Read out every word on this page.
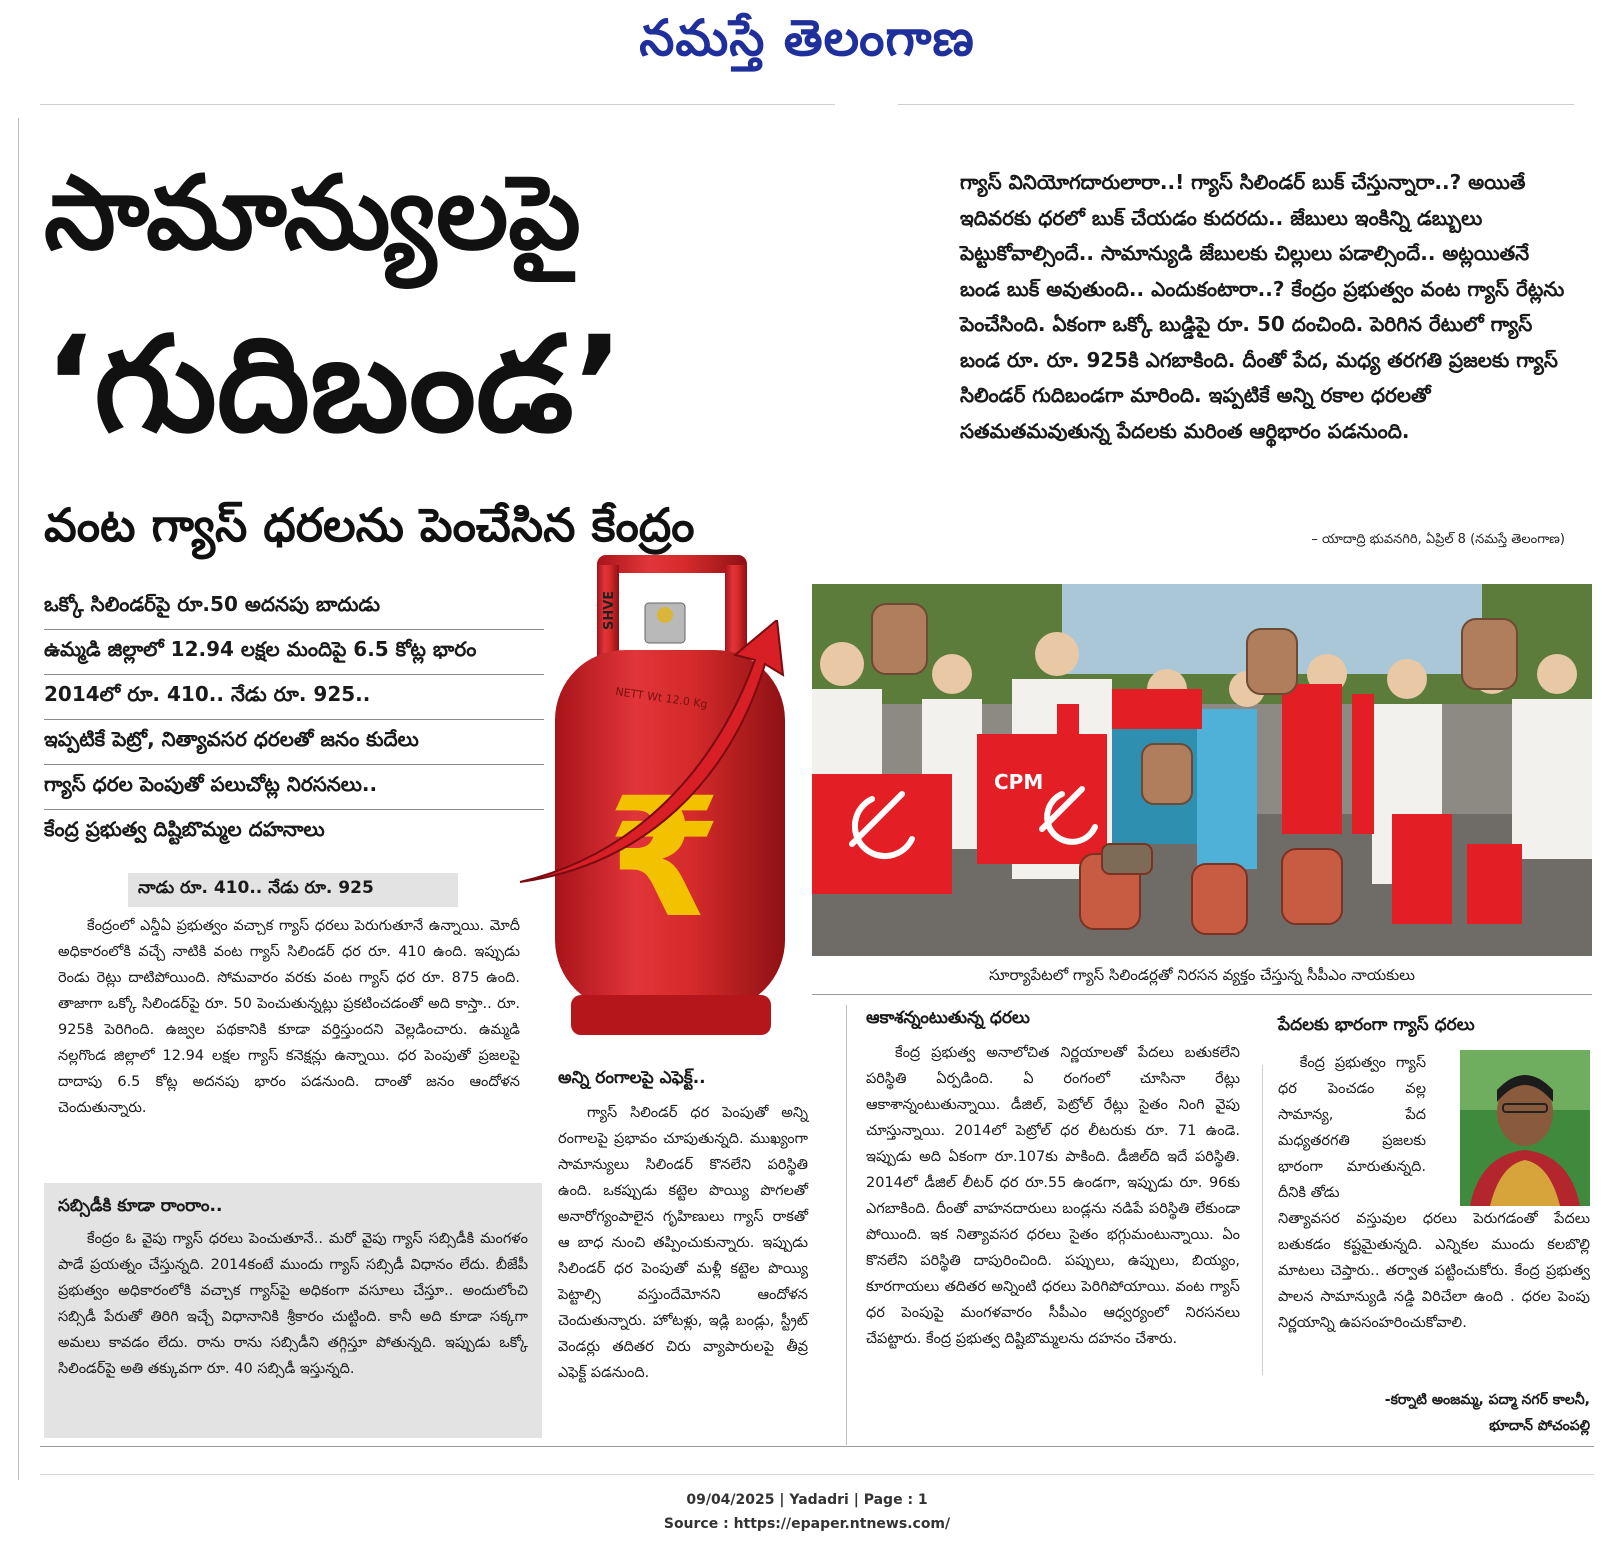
నమస్తే తెలంగాణ
సామాన్యులపై
‘గుదిబండ’
వంట గ్యాస్ ధరలను పెంచేసిన కేంద్రం
ఒక్కో సిలిండర్‌పై రూ.50 అదనపు బాదుడు
ఉమ్మడి జిల్లాలో 12.94 లక్షల మందిపై 6.5 కోట్ల భారం
2014లో రూ. 410.. నేడు రూ. 925..
ఇప్పటికే పెట్రో, నిత్యావసర ధరలతో జనం కుదేలు
గ్యాస్ ధరల పెంపుతో పలుచోట్ల నిరసనలు..
కేంద్ర ప్రభుత్వ దిష్టిబొమ్మల దహనాలు
గ్యాస్ వినియోగదారులారా..! గ్యాస్ సిలిండర్ బుక్ చేస్తున్నారా..? అయితే ఇదివరకు ధరలో బుక్ చేయడం కుదరదు.. జేబులు ఇంకిన్ని డబ్బులు పెట్టుకోవాల్సిందే.. సామాన్యుడి జేబులకు చిల్లులు పడాల్సిందే.. అట్లయితనే బండ బుక్ అవుతుంది.. ఎందుకంటారా..? కేంద్రం ప్రభుత్వం వంట గ్యాస్ రేట్లను పెంచేసింది. ఏకంగా ఒక్కో బుడ్డిపై రూ. 50 దంచింది. పెరిగిన రేటులో గ్యాస్ బండ రూ. రూ. 925కి ఎగబాకింది. దీంతో పేద, మధ్య తరగతి ప్రజలకు గ్యాస్ సిలిండర్ గుదిబండగా మారింది. ఇప్పటికే అన్ని రకాల ధరలతో సతమతమవుతున్న పేదలకు మరింత ఆర్థిభారం పడనుంది.
– యాదాద్రి భువనగిరి, ఏప్రిల్ 8 (నమస్తే తెలంగాణ)
SHVE
NETT Wt 12.0 Kg
₹	CPM
సూర్యాపేటలో గ్యాస్ సిలిండర్లతో నిరసన వ్యక్తం చేస్తున్న సీపీఎం నాయకులు
నాడు రూ. 410.. నేడు రూ. 925
కేంద్రంలో ఎన్డీఏ ప్రభుత్వం వచ్చాక గ్యాస్ ధరలు పెరుగుతూనే ఉన్నాయి. మోదీ అధికారంలోకి వచ్చే నాటికి వంట గ్యాస్ సిలిండర్ ధర రూ. 410 ఉంది. ఇప్పుడు రెండు రెట్లు దాటిపోయింది. సోమవారం వరకు వంట గ్యాస్ ధర రూ. 875 ఉంది. తాజాగా ఒక్కో సిలిండర్‌పై రూ. 50 పెంచుతున్నట్లు ప్రకటించడంతో అది కాస్తా.. రూ. 925కి పెరిగింది. ఉజ్వల పథకానికి కూడా వర్తిస్తుందని వెల్లడించారు. ఉమ్మడి నల్లగొండ జిల్లాలో 12.94 లక్షల గ్యాస్ కనెక్షన్లు ఉన్నాయి. ధర పెంపుతో ప్రజలపై దాదాపు 6.5 కోట్ల అదనపు భారం పడనుంది. దాంతో జనం ఆందోళన చెందుతున్నారు.
సబ్సిడీకి కూడా రాంరాం..
కేంద్రం ఓ వైపు గ్యాస్ ధరలు పెంచుతూనే.. మరో వైపు గ్యాస్ సబ్సిడీకి మంగళం పాడే ప్రయత్నం చేస్తున్నది. 2014కంటే ముందు గ్యాస్ సబ్సిడీ విధానం లేదు. బీజేపీ ప్రభుత్వం అధికారంలోకి వచ్చాక గ్యాస్‌పై అధికంగా వసూలు చేస్తూ.. అందులోంచి సబ్సిడీ పేరుతో తిరిగి ఇచ్చే విధానానికి శ్రీకారం చుట్టింది. కానీ అది కూడా సక్కగా అమలు కావడం లేదు. రాను రాను సబ్సిడీని తగ్గిస్తూ పోతున్నది. ఇప్పుడు ఒక్కో సిలిండర్‌పై అతి తక్కువగా రూ. 40 సబ్సిడీ ఇస్తున్నది.
అన్ని రంగాలపై ఎఫెక్ట్..
గ్యాస్ సిలిండర్ ధర పెంపుతో అన్ని రంగాలపై ప్రభావం చూపుతున్నది. ముఖ్యంగా సామాన్యులు సిలిండర్ కొనలేని పరిస్థితి ఉంది. ఒకప్పుడు కట్టెల పొయ్యి పొగలతో అనారోగ్యంపాలైన గృహిణులు గ్యాస్ రాకతో ఆ బాధ నుంచి తప్పించుకున్నారు. ఇప్పుడు సిలిండర్ ధర పెంపుతో మళ్లీ కట్టెల పొయ్యి పెట్టాల్సి వస్తుందేమోనని ఆందోళన చెందుతున్నారు. హోటళ్లు, ఇడ్లి బండ్లు, స్ట్రీట్ వెండర్లు తదితర చిరు వ్యాపారులపై తీవ్ర ఎఫెక్ట్ పడనుంది.
ఆకాశన్నంటుతున్న ధరలు
కేంద్ర ప్రభుత్వ అనాలోచిత నిర్ణయాలతో పేదలు బతుకలేని పరిస్థితి ఏర్పడింది. ఏ రంగంలో చూసినా రేట్లు ఆకాశాన్నంటుతున్నాయి. డీజిల్, పెట్రోల్ రేట్లు సైతం నింగి వైపు చూస్తున్నాయి. 2014లో పెట్రోల్ ధర లీటరుకు రూ. 71 ఉండె. ఇప్పుడు అది ఏకంగా రూ.107కు పాకింది. డీజిల్‌ది ఇదే పరిస్థితి. 2014లో డీజిల్ లీటర్ ధర రూ.55 ఉండగా, ఇప్పుడు రూ. 96కు ఎగబాకింది. దీంతో వాహనదారులు బండ్లను నడిపే పరిస్థితి లేకుండా పోయింది. ఇక నిత్యావసర ధరలు సైతం భగ్గుమంటున్నాయి. ఏం కొనలేని పరిస్థితి దాపురించింది. పప్పులు, ఉప్పులు, బియ్యం, కూరగాయలు తదితర అన్నింటి ధరలు పెరిగిపోయాయి. వంట గ్యాస్ ధర పెంపుపై మంగళవారం సీపీఎం ఆధ్వర్యంలో నిరసనలు చేపట్టారు. కేంద్ర ప్రభుత్వ దిష్టిబొమ్మలను దహనం చేశారు.
పేదలకు భారంగా గ్యాస్ ధరలు
కేంద్ర ప్రభుత్వం గ్యాస్ ధర పెంచడం వల్ల సామాన్య, పేద మధ్యతరగతి ప్రజలకు భారంగా మారుతున్నది. దీనికి తోడు
నిత్యావసర వస్తువుల ధరలు పెరుగడంతో పేదలు బతుకడం కష్టమైతున్నది. ఎన్నికల ముందు కలబొల్లి మాటలు చెప్తారు.. తర్వాత పట్టించుకోరు. కేంద్ర ప్రభుత్వ పాలన సామాన్యుడి నడ్డి విరిచేలా ఉంది . ధరల పెంపు నిర్ణయాన్ని ఉపసంహరించుకోవాలి.
-కర్నాటి అంజమ్మ, పద్మా నగర్ కాలనీ,
భూదాన్ పోచంపల్లి
09/04/2025 | Yadadri | Page : 1
Source : https://epaper.ntnews.com/
